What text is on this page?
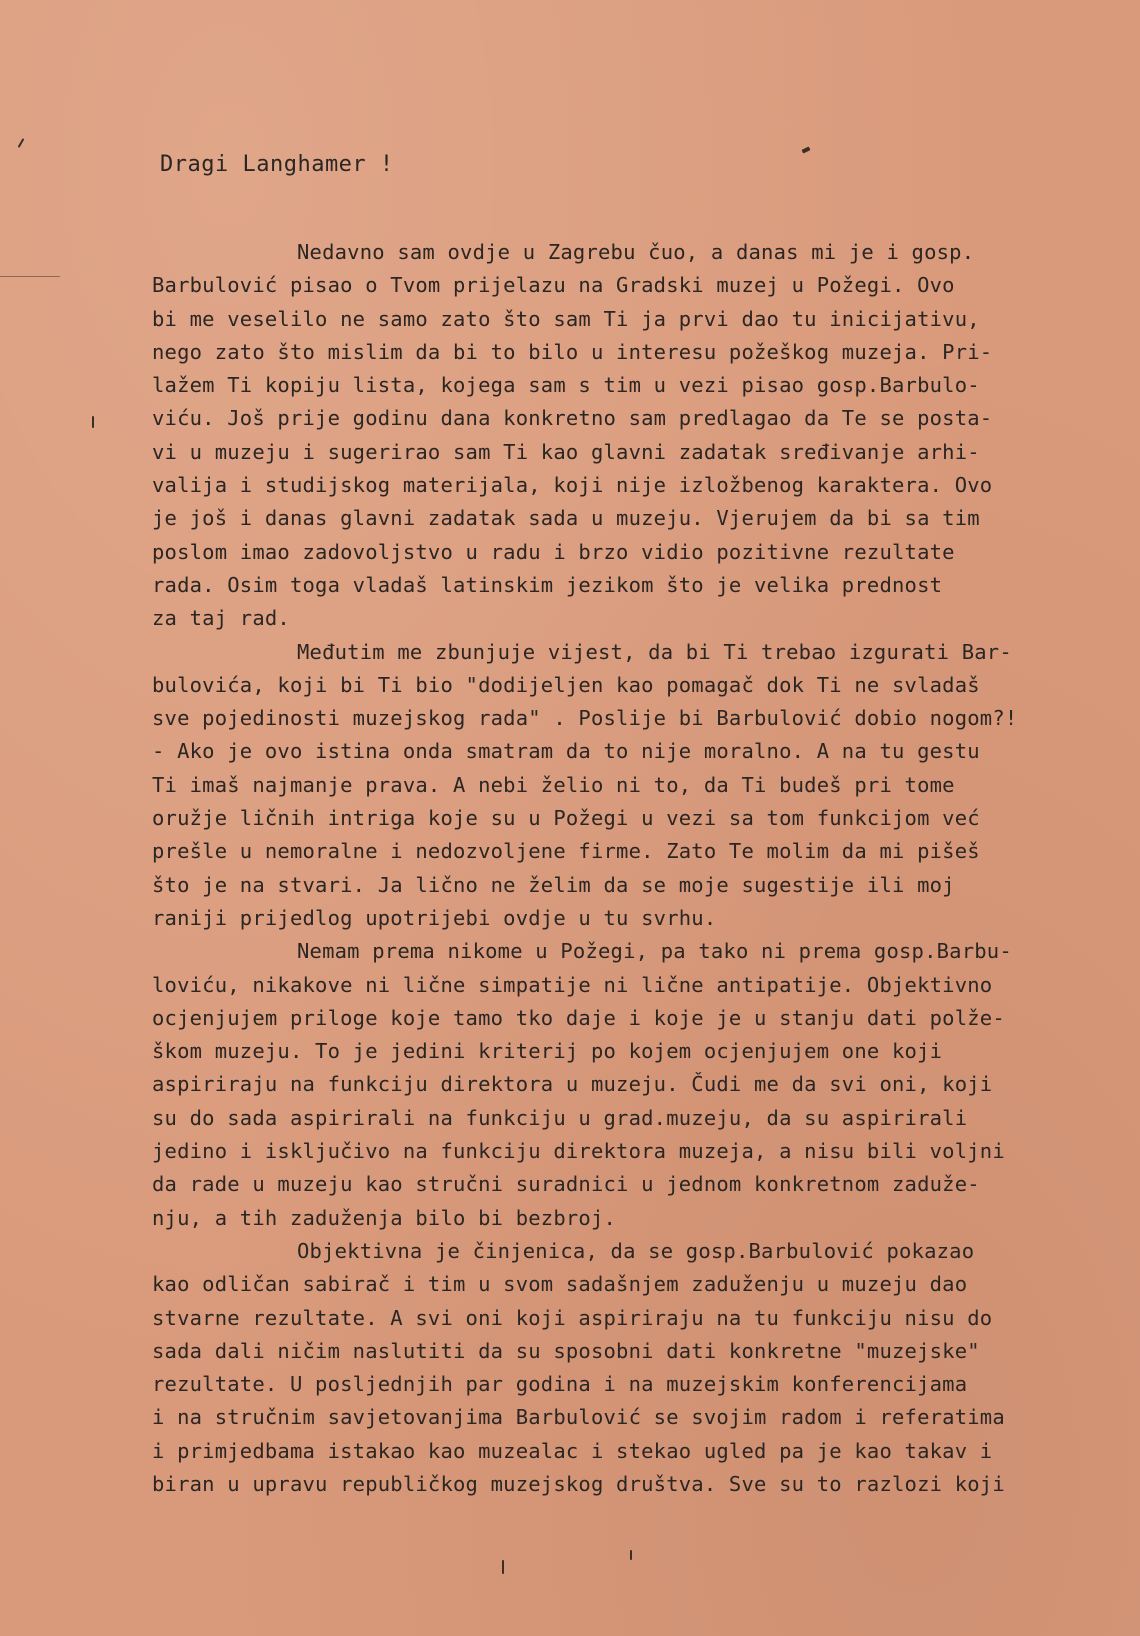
Dragi Langhamer !
Nedavno sam ovdje u Zagrebu čuo, a danas mi je i gosp.
Barbulović pisao o Tvom prijelazu na Gradski muzej u Požegi. Ovo
bi me veselilo ne samo zato što sam Ti ja prvi dao tu inicijativu,
nego zato što mislim da bi to bilo u interesu požeškog muzeja. Pri-
lažem Ti kopiju lista, kojega sam s tim u vezi pisao gosp.Barbulo-
viću. Još prije godinu dana konkretno sam predlagao da Te se posta-
vi u muzeju i sugerirao sam Ti kao glavni zadatak sređivanje arhi-
valija i studijskog materijala, koji nije izložbenog karaktera. Ovo
je još i danas glavni zadatak sada u muzeju. Vjerujem da bi sa tim
poslom imao zadovoljstvo u radu i brzo vidio pozitivne rezultate
rada. Osim toga vladaš latinskim jezikom što je velika prednost
za taj rad.
Međutim me zbunjuje vijest, da bi Ti trebao izgurati Bar-
bulovića, koji bi Ti bio "dodijeljen kao pomagač dok Ti ne svladaš
sve pojedinosti muzejskog rada" . Poslije bi Barbulović dobio nogom?!
- Ako je ovo istina onda smatram da to nije moralno. A na tu gestu
Ti imaš najmanje prava. A nebi želio ni to, da Ti budeš pri tome
oružje ličnih intriga koje su u Požegi u vezi sa tom funkcijom već
prešle u nemoralne i nedozvoljene firme. Zato Te molim da mi pišeš
što je na stvari. Ja lično ne želim da se moje sugestije ili moj
raniji prijedlog upotrijebi ovdje u tu svrhu.
Nemam prema nikome u Požegi, pa tako ni prema gosp.Barbu-
loviću, nikakove ni lične simpatije ni lične antipatije. Objektivno
ocjenjujem priloge koje tamo tko daje i koje je u stanju dati polže-
škom muzeju. To je jedini kriterij po kojem ocjenjujem one koji
aspiriraju na funkciju direktora u muzeju. Čudi me da svi oni, koji
su do sada aspirirali na funkciju u grad.muzeju, da su aspirirali
jedino i isključivo na funkciju direktora muzeja, a nisu bili voljni
da rade u muzeju kao stručni suradnici u jednom konkretnom zaduže-
nju, a tih zaduženja bilo bi bezbroj.
Objektivna je činjenica, da se gosp.Barbulović pokazao
kao odličan sabirač i tim u svom sadašnjem zaduženju u muzeju dao
stvarne rezultate. A svi oni koji aspiriraju na tu funkciju nisu do
sada dali ničim naslutiti da su sposobni dati konkretne "muzejske"
rezultate. U posljednjih par godina i na muzejskim konferencijama
i na stručnim savjetovanjima Barbulović se svojim radom i referatima
i primjedbama istakao kao muzealac i stekao ugled pa je kao takav i
biran u upravu republičkog muzejskog društva. Sve su to razlozi koji
